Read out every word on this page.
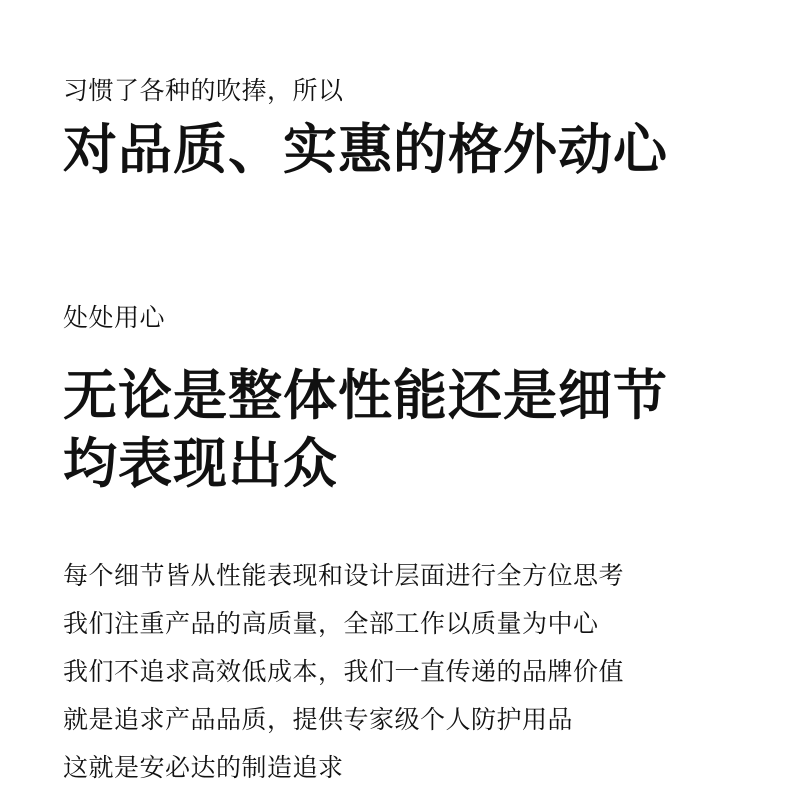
习惯了各种的吹捧，所以

对品质、实惠的格外动心

处处用心

无论是整体性能还是细节
均表现出众

每个细节皆从性能表现和设计层面进行全方位思考

我们注重产品的高质量，全部工作以质量为中心

我们不追求高效低成本，我们一直传递的品牌价值

就是追求产品品质，提供专家级个人防护用品

这就是安必达的制造追求
